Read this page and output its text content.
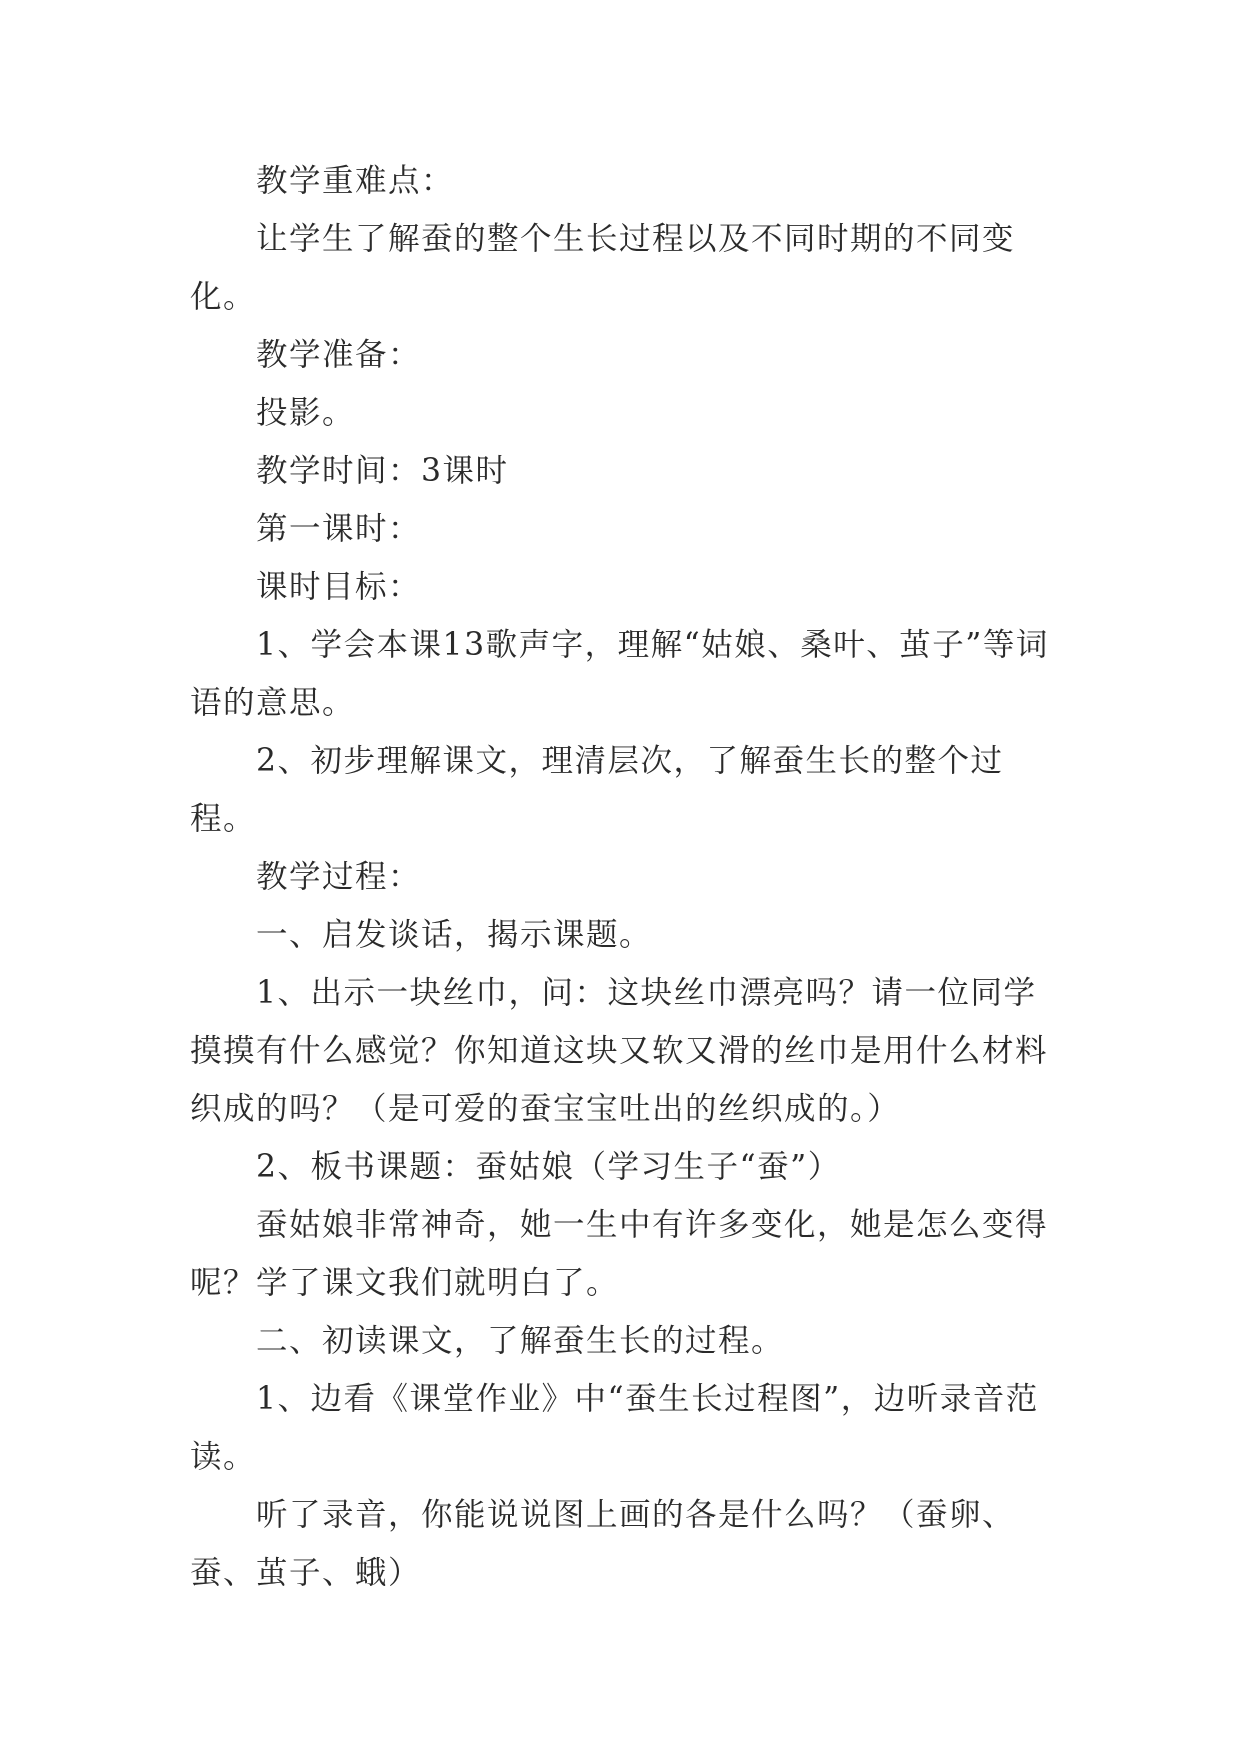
教学重难点：

让学生了解蚕的整个生长过程以及不同时期的不同变化。

教学准备：

投影。

教学时间：3课时

第一课时：

课时目标：

1、学会本课13歌声字，理解“姑娘、桑叶、茧子”等词语的意思。

2、初步理解课文，理清层次，了解蚕生长的整个过程。

教学过程：

一、启发谈话，揭示课题。

1、出示一块丝巾，问：这块丝巾漂亮吗？请一位同学摸摸有什么感觉？你知道这块又软又滑的丝巾是用什么材料织成的吗？（是可爱的蚕宝宝吐出的丝织成的。）

2、板书课题：蚕姑娘（学习生子“蚕”）

蚕姑娘非常神奇，她一生中有许多变化，她是怎么变得呢？学了课文我们就明白了。

二、初读课文，了解蚕生长的过程。

1、边看《课堂作业》中“蚕生长过程图”，边听录音范读。

听了录音，你能说说图上画的各是什么吗？（蚕卵、蚕、茧子、蛾）
